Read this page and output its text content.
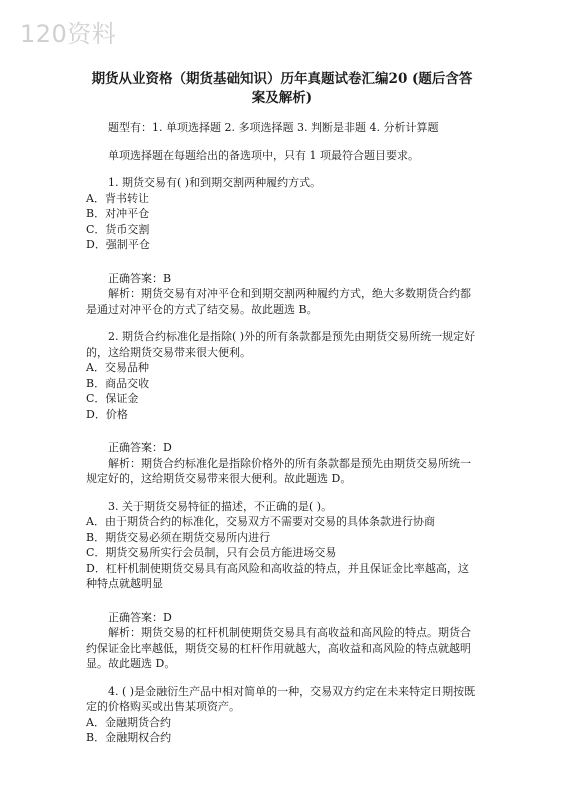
120资料
期货从业资格（期货基础知识）历年真题试卷汇编20 (题后含答案及解析)

题型有：1. 单项选择题 2. 多项选择题 3. 判断是非题 4. 分析计算题

单项选择题在每题给出的备选项中，只有 1 项最符合题目要求。

1. 期货交易有( )和到期交割两种履约方式。

A．背书转让

B．对冲平仓

C．货币交割

D．强制平仓

正确答案：B

解析：期货交易有对冲平仓和到期交割两种履约方式，绝大多数期货合约都是通过对冲平仓的方式了结交易。故此题选 B。

2. 期货合约标准化是指除( )外的所有条款都是预先由期货交易所统一规定好的，这给期货交易带来很大便利。

A．交易品种

B．商品交收

C．保证金

D．价格

正确答案：D

解析：期货合约标准化是指除价格外的所有条款都是预先由期货交易所统一规定好的，这给期货交易带来很大便利。故此题选 D。

3. 关于期货交易特征的描述，不正确的是( )。

A．由于期货合约的标准化，交易双方不需要对交易的具体条款进行协商

B．期货交易必须在期货交易所内进行

C．期货交易所实行会员制，只有会员方能进场交易

D．杠杆机制使期货交易具有高风险和高收益的特点，并且保证金比率越高，这种特点就越明显

正确答案：D

解析：期货交易的杠杆机制使期货交易具有高收益和高风险的特点。期货合约保证金比率越低，期货交易的杠杆作用就越大，高收益和高风险的特点就越明显。故此题选 D。

4. ( )是金融衍生产品中相对简单的一种，交易双方约定在未来特定日期按既定的价格购买或出售某项资产。

A．金融期货合约

B．金融期权合约
